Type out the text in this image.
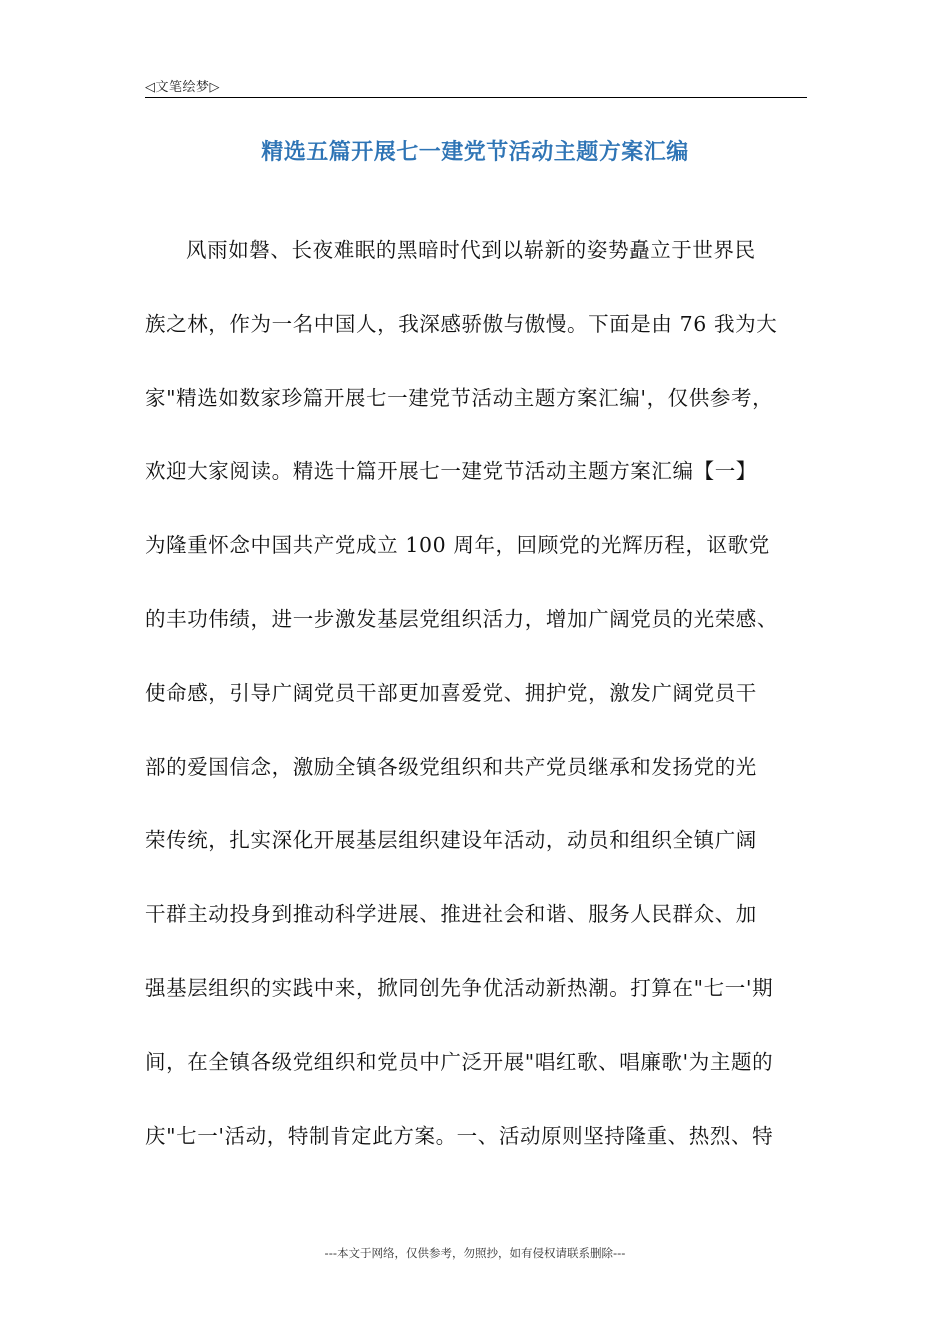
◁文笔绘梦▷
精选五篇开展七一建党节活动主题方案汇编
风雨如磐、长夜难眠的黑暗时代到以崭新的姿势矗立于世界民
族之林，作为一名中国人，我深感骄傲与傲慢。下面是由 76 我为大
家"精选如数家珍篇开展七一建党节活动主题方案汇编'，仅供参考，
欢迎大家阅读。精选十篇开展七一建党节活动主题方案汇编【一】
为隆重怀念中国共产党成立 100 周年，回顾党的光辉历程，讴歌党
的丰功伟绩，进一步激发基层党组织活力，增加广阔党员的光荣感、
使命感，引导广阔党员干部更加喜爱党、拥护党，激发广阔党员干
部的爱国信念，激励全镇各级党组织和共产党员继承和发扬党的光
荣传统，扎实深化开展基层组织建设年活动，动员和组织全镇广阔
干群主动投身到推动科学进展、推进社会和谐、服务人民群众、加
强基层组织的实践中来，掀同创先争优活动新热潮。打算在"七一'期
间，在全镇各级党组织和党员中广泛开展"唱红歌、唱廉歌'为主题的
庆"七一'活动，特制肯定此方案。一、活动原则坚持隆重、热烈、特
---本文于网络，仅供参考，勿照抄，如有侵权请联系删除---
